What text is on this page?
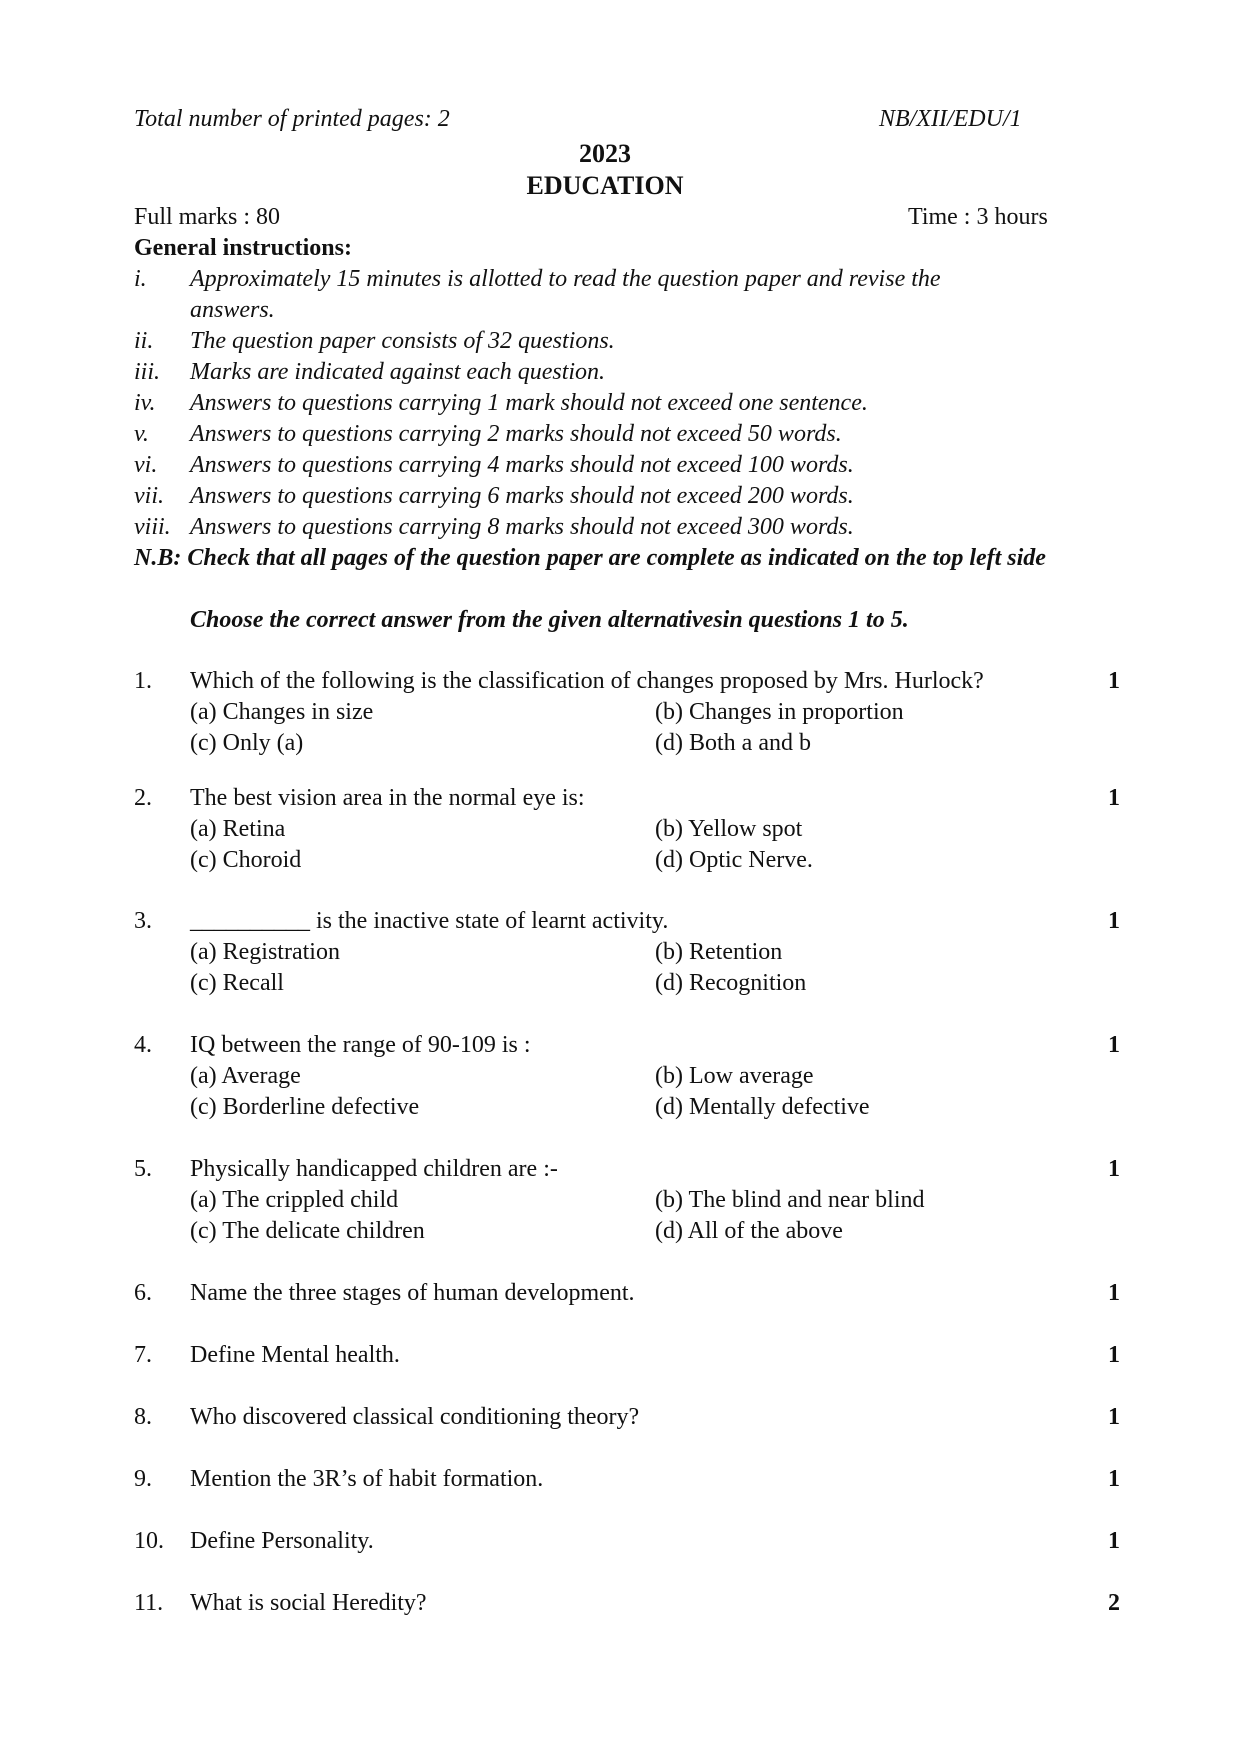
Total number of printed pages: 2	NB/XII/EDU/1
2023
EDUCATION
Full marks : 80	Time : 3 hours
General instructions:
i.	Approximately 15 minutes is allotted to read the question paper and revise the
answers.
ii.	The question paper consists of 32 questions.
iii.	Marks are indicated against each question.
iv.	Answers to questions carrying 1 mark should not exceed one sentence.
v.	Answers to questions carrying 2 marks should not exceed 50 words.
vi.	Answers to questions carrying 4 marks should not exceed 100 words.
vii.	Answers to questions carrying 6 marks should not exceed 200 words.
viii. Answers to questions carrying 8 marks should not exceed 300 words.
N.B: Check that all pages of the question paper are complete as indicated on the top left side
Choose the correct answer from the given alternativesin questions 1 to 5.
1. Which of the following is the classification of changes proposed by Mrs. Hurlock?	1
(a) Changes in size	(b) Changes in proportion
(c) Only (a)	(d) Both a and b
2. The best vision area in the normal eye is:	1
(a) Retina	(b) Yellow spot
(c) Choroid	(d) Optic Nerve.
3. __________ is the inactive state of learnt activity.	1
(a) Registration	(b) Retention
(c) Recall	(d) Recognition
4. IQ between the range of 90-109 is :	1
(a) Average	(b) Low average
(c) Borderline defective	(d) Mentally defective
5. Physically handicapped children are :-	1
(a) The crippled child	(b) The blind and near blind
(c) The delicate children	(d) All of the above
6. Name the three stages of human development.	1
7. Define Mental health.	1
8. Who discovered classical conditioning theory?	1
9. Mention the 3R’s of habit formation.	1
10. Define Personality.	1
11. What is social Heredity?	2
